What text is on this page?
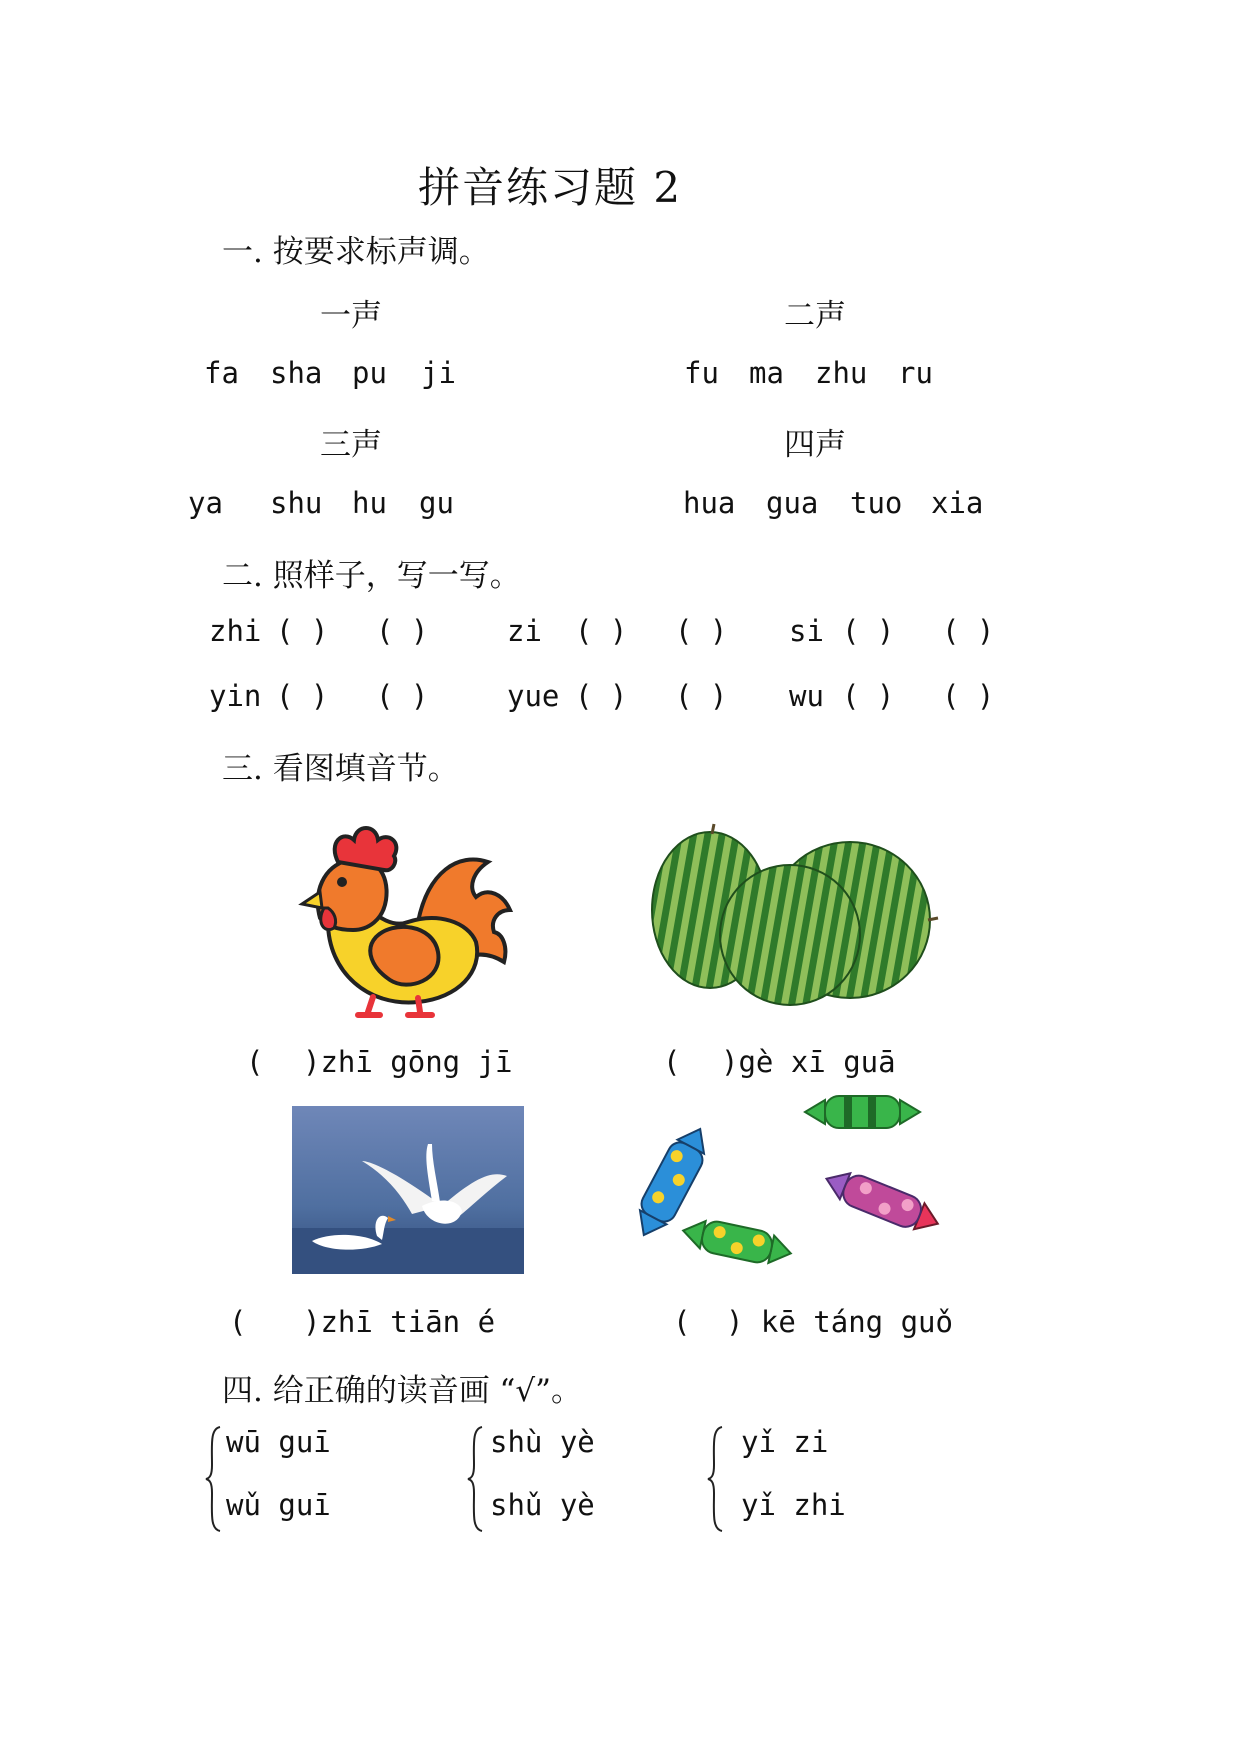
拼音练习题 2
一. 按要求标声调。
一声	二声
fa sha pu ji	fu ma zhu ru
三声	四声
ya shu hu gu	hua gua tuo xia
二. 照样子，写一写。
zhi ( ) ( )	zi ( ) ( ) si ( ) ( )
yin ( ) ( )	yue ( ) ( ) wu ( ) ( )
三. 看图填音节。
( )zhī gōng jī	( )gè xī guā
( )zhī tiān é	( ) kē táng guǒ
四. 给正确的读音画 “√”。
wū guī
wǔ guī
shù yè
shǔ yè
yǐ zi
yǐ zhi
